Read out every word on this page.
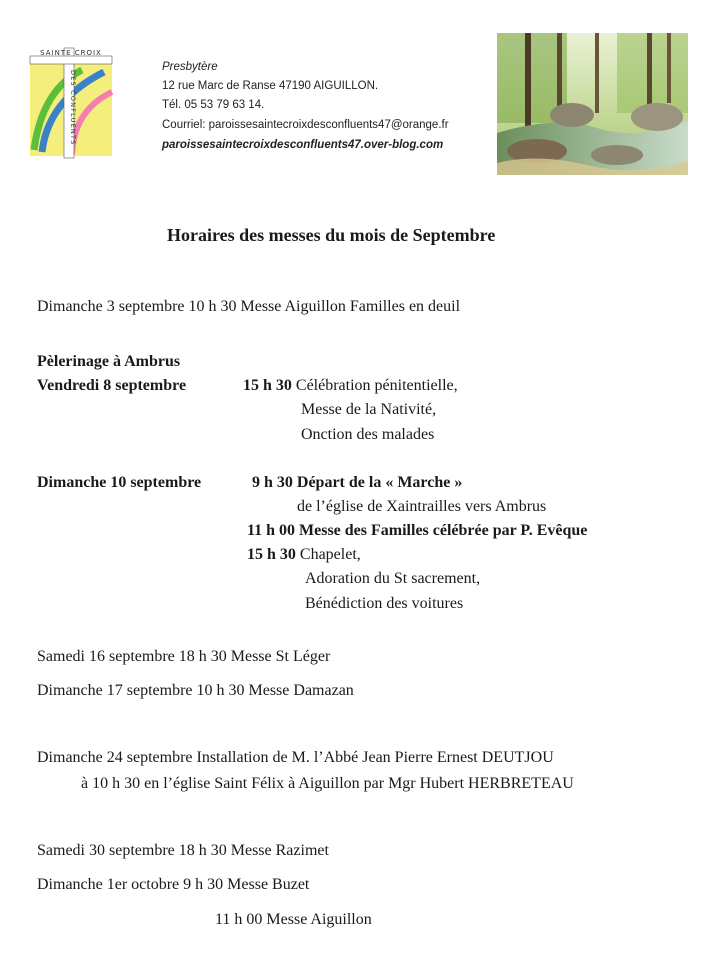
SAINTE CROIX
DES CONFLUENTS
Presbytère
12 rue Marc de Ranse 47190 AIGUILLON.
Tél. 05 53 79 63 14.
Courriel: paroissesaintecroixdesconfluents47@orange.fr
paroissesaintecroixdesconfluents47.over-blog.com
Horaires des messes du mois de Septembre
Dimanche 3 septembre 10 h 30 Messe Aiguillon Familles en deuil
Pèlerinage à Ambrus
Vendredi 8 septembre	15 h 30 Célébration pénitentielle,
Messe de la Nativité,
Onction des malades
Dimanche 10 septembre	9 h 30 Départ de la « Marche »
de l’église de Xaintrailles vers Ambrus
11 h 00 Messe des Familles célébrée par P. Evêque
15 h 30 Chapelet,
Adoration du St sacrement,
Bénédiction des voitures
Samedi 16 septembre 18 h 30 Messe St Léger
Dimanche 17 septembre 10 h 30 Messe Damazan
Dimanche 24 septembre Installation de M. l’Abbé Jean Pierre Ernest DEUTJOU
à 10 h 30 en l’église Saint Félix à Aiguillon par Mgr Hubert HERBRETEAU
Samedi 30 septembre 18 h 30 Messe Razimet
Dimanche 1er octobre 9 h 30 Messe Buzet
11 h 00 Messe Aiguillon
